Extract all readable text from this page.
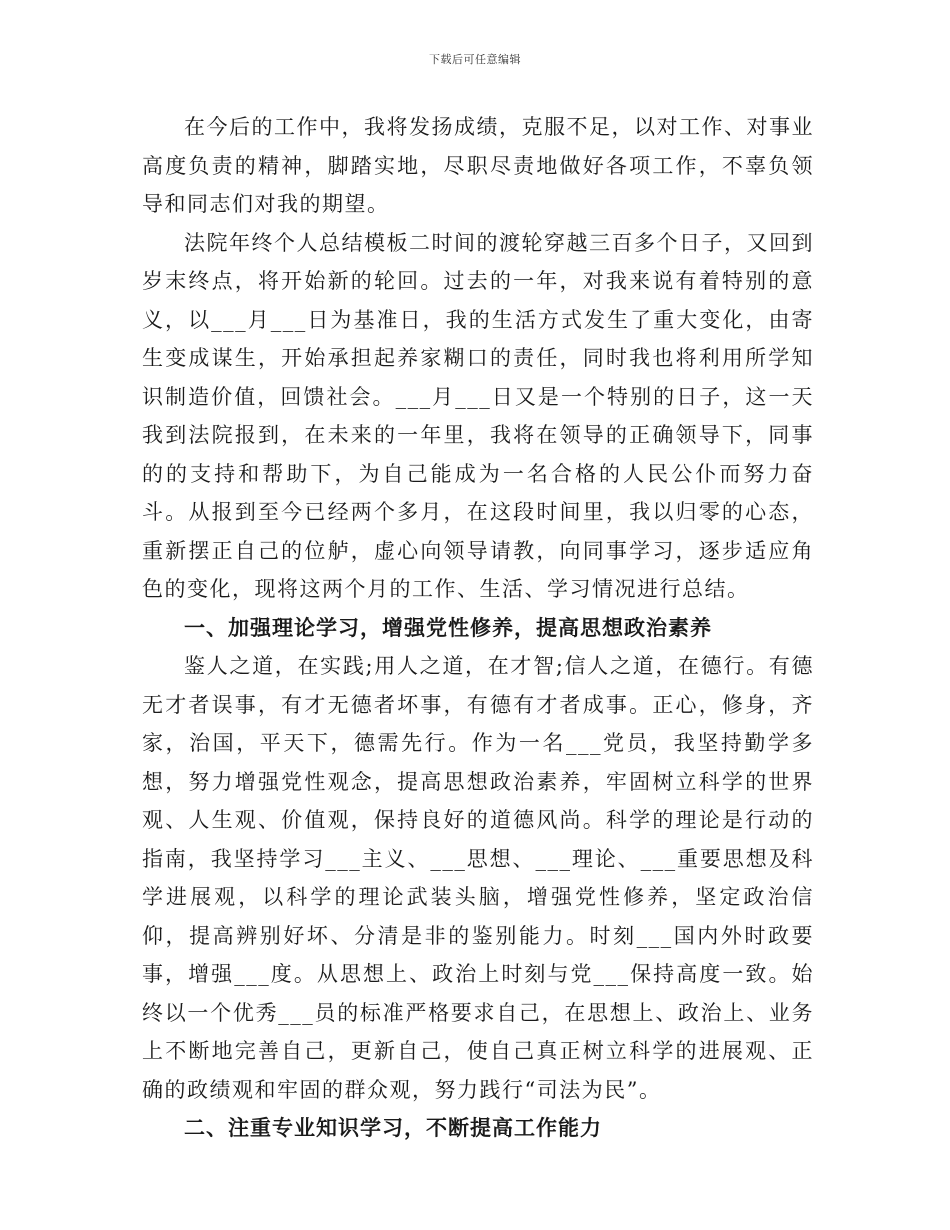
下载后可任意编辑

在今后的工作中，我将发扬成绩，克服不足，以对工作、对事业高度负责的精神，脚踏实地，尽职尽责地做好各项工作，不辜负领导和同志们对我的期望。

法院年终个人总结模板二时间的渡轮穿越三百多个日子，又回到岁末终点，将开始新的轮回。过去的一年，对我来说有着特别的意义，以___月___日为基准日，我的生活方式发生了重大变化，由寄生变成谋生，开始承担起养家糊口的责任，同时我也将利用所学知识制造价值，回馈社会。___月___日又是一个特别的日子，这一天我到法院报到，在未来的一年里，我将在领导的正确领导下，同事的的支持和帮助下，为自己能成为一名合格的人民公仆而努力奋斗。从报到至今已经两个多月，在这段时间里，我以归零的心态，重新摆正自己的位舻，虚心向领导请教，向同事学习，逐步适应角色的变化，现将这两个月的工作、生活、学习情况进行总结。

一、加强理论学习，增强党性修养，提高思想政治素养

鉴人之道，在实践;用人之道，在才智;信人之道，在德行。有德无才者误事，有才无德者坏事，有德有才者成事。正心，修身，齐家，治国，平天下，德需先行。作为一名___党员，我坚持勤学多想，努力增强党性观念，提高思想政治素养，牢固树立科学的世界观、人生观、价值观，保持良好的道德风尚。科学的理论是行动的指南，我坚持学习___主义、___思想、___理论、___重要思想及科学进展观，以科学的理论武装头脑，增强党性修养，坚定政治信仰，提高辨别好坏、分清是非的鉴别能力。时刻___国内外时政要事，增强___度。从思想上、政治上时刻与党___保持高度一致。始终以一个优秀___员的标准严格要求自己，在思想上、政治上、业务上不断地完善自己，更新自己，使自己真正树立科学的进展观、正确的政绩观和牢固的群众观，努力践行“司法为民”。

二、注重专业知识学习，不断提高工作能力
